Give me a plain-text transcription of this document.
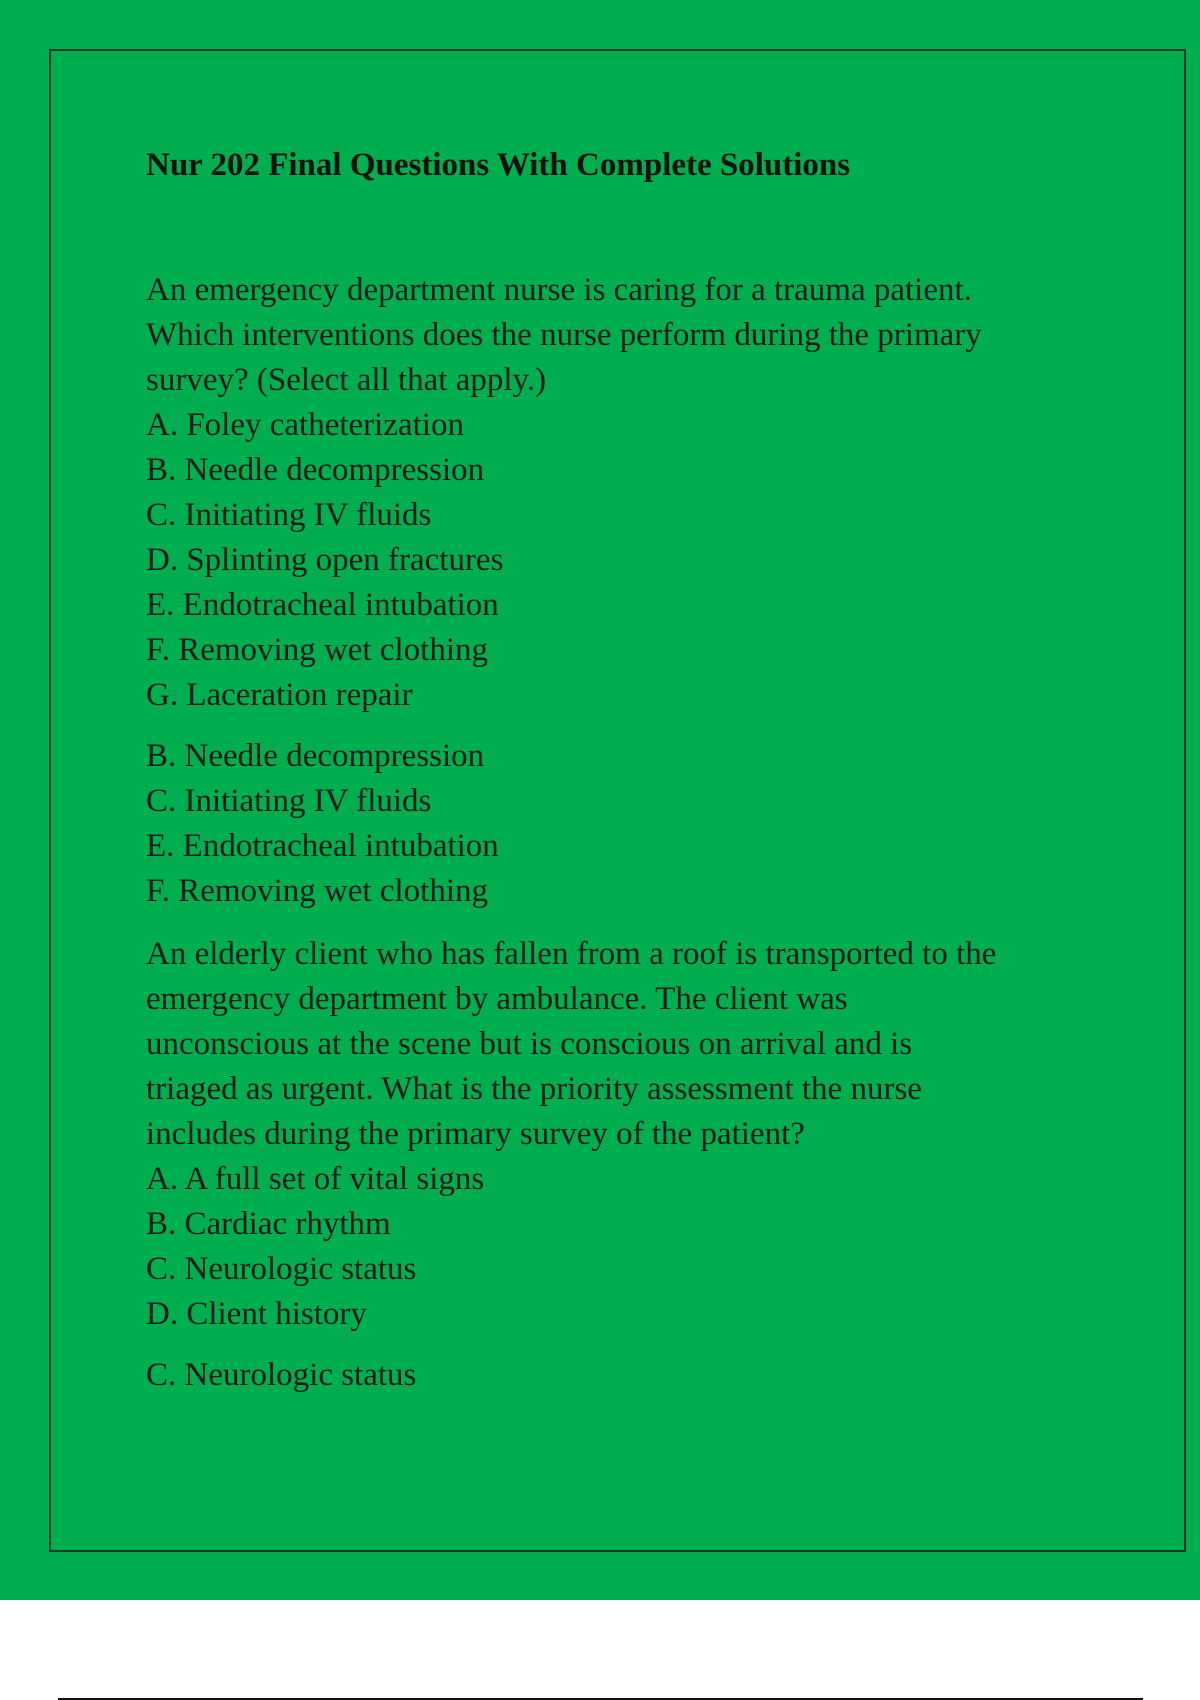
Nur 202 Final Questions With Complete Solutions
An emergency department nurse is caring for a trauma patient.
Which interventions does the nurse perform during the primary
survey? (Select all that apply.)
A. Foley catheterization
B. Needle decompression
C. Initiating IV fluids
D. Splinting open fractures
E. Endotracheal intubation
F. Removing wet clothing
G. Laceration repair
B. Needle decompression
C. Initiating IV fluids
E. Endotracheal intubation
F. Removing wet clothing
An elderly client who has fallen from a roof is transported to the
emergency department by ambulance. The client was
unconscious at the scene but is conscious on arrival and is
triaged as urgent. What is the priority assessment the nurse
includes during the primary survey of the patient?
A. A full set of vital signs
B. Cardiac rhythm
C. Neurologic status
D. Client history
C. Neurologic status
